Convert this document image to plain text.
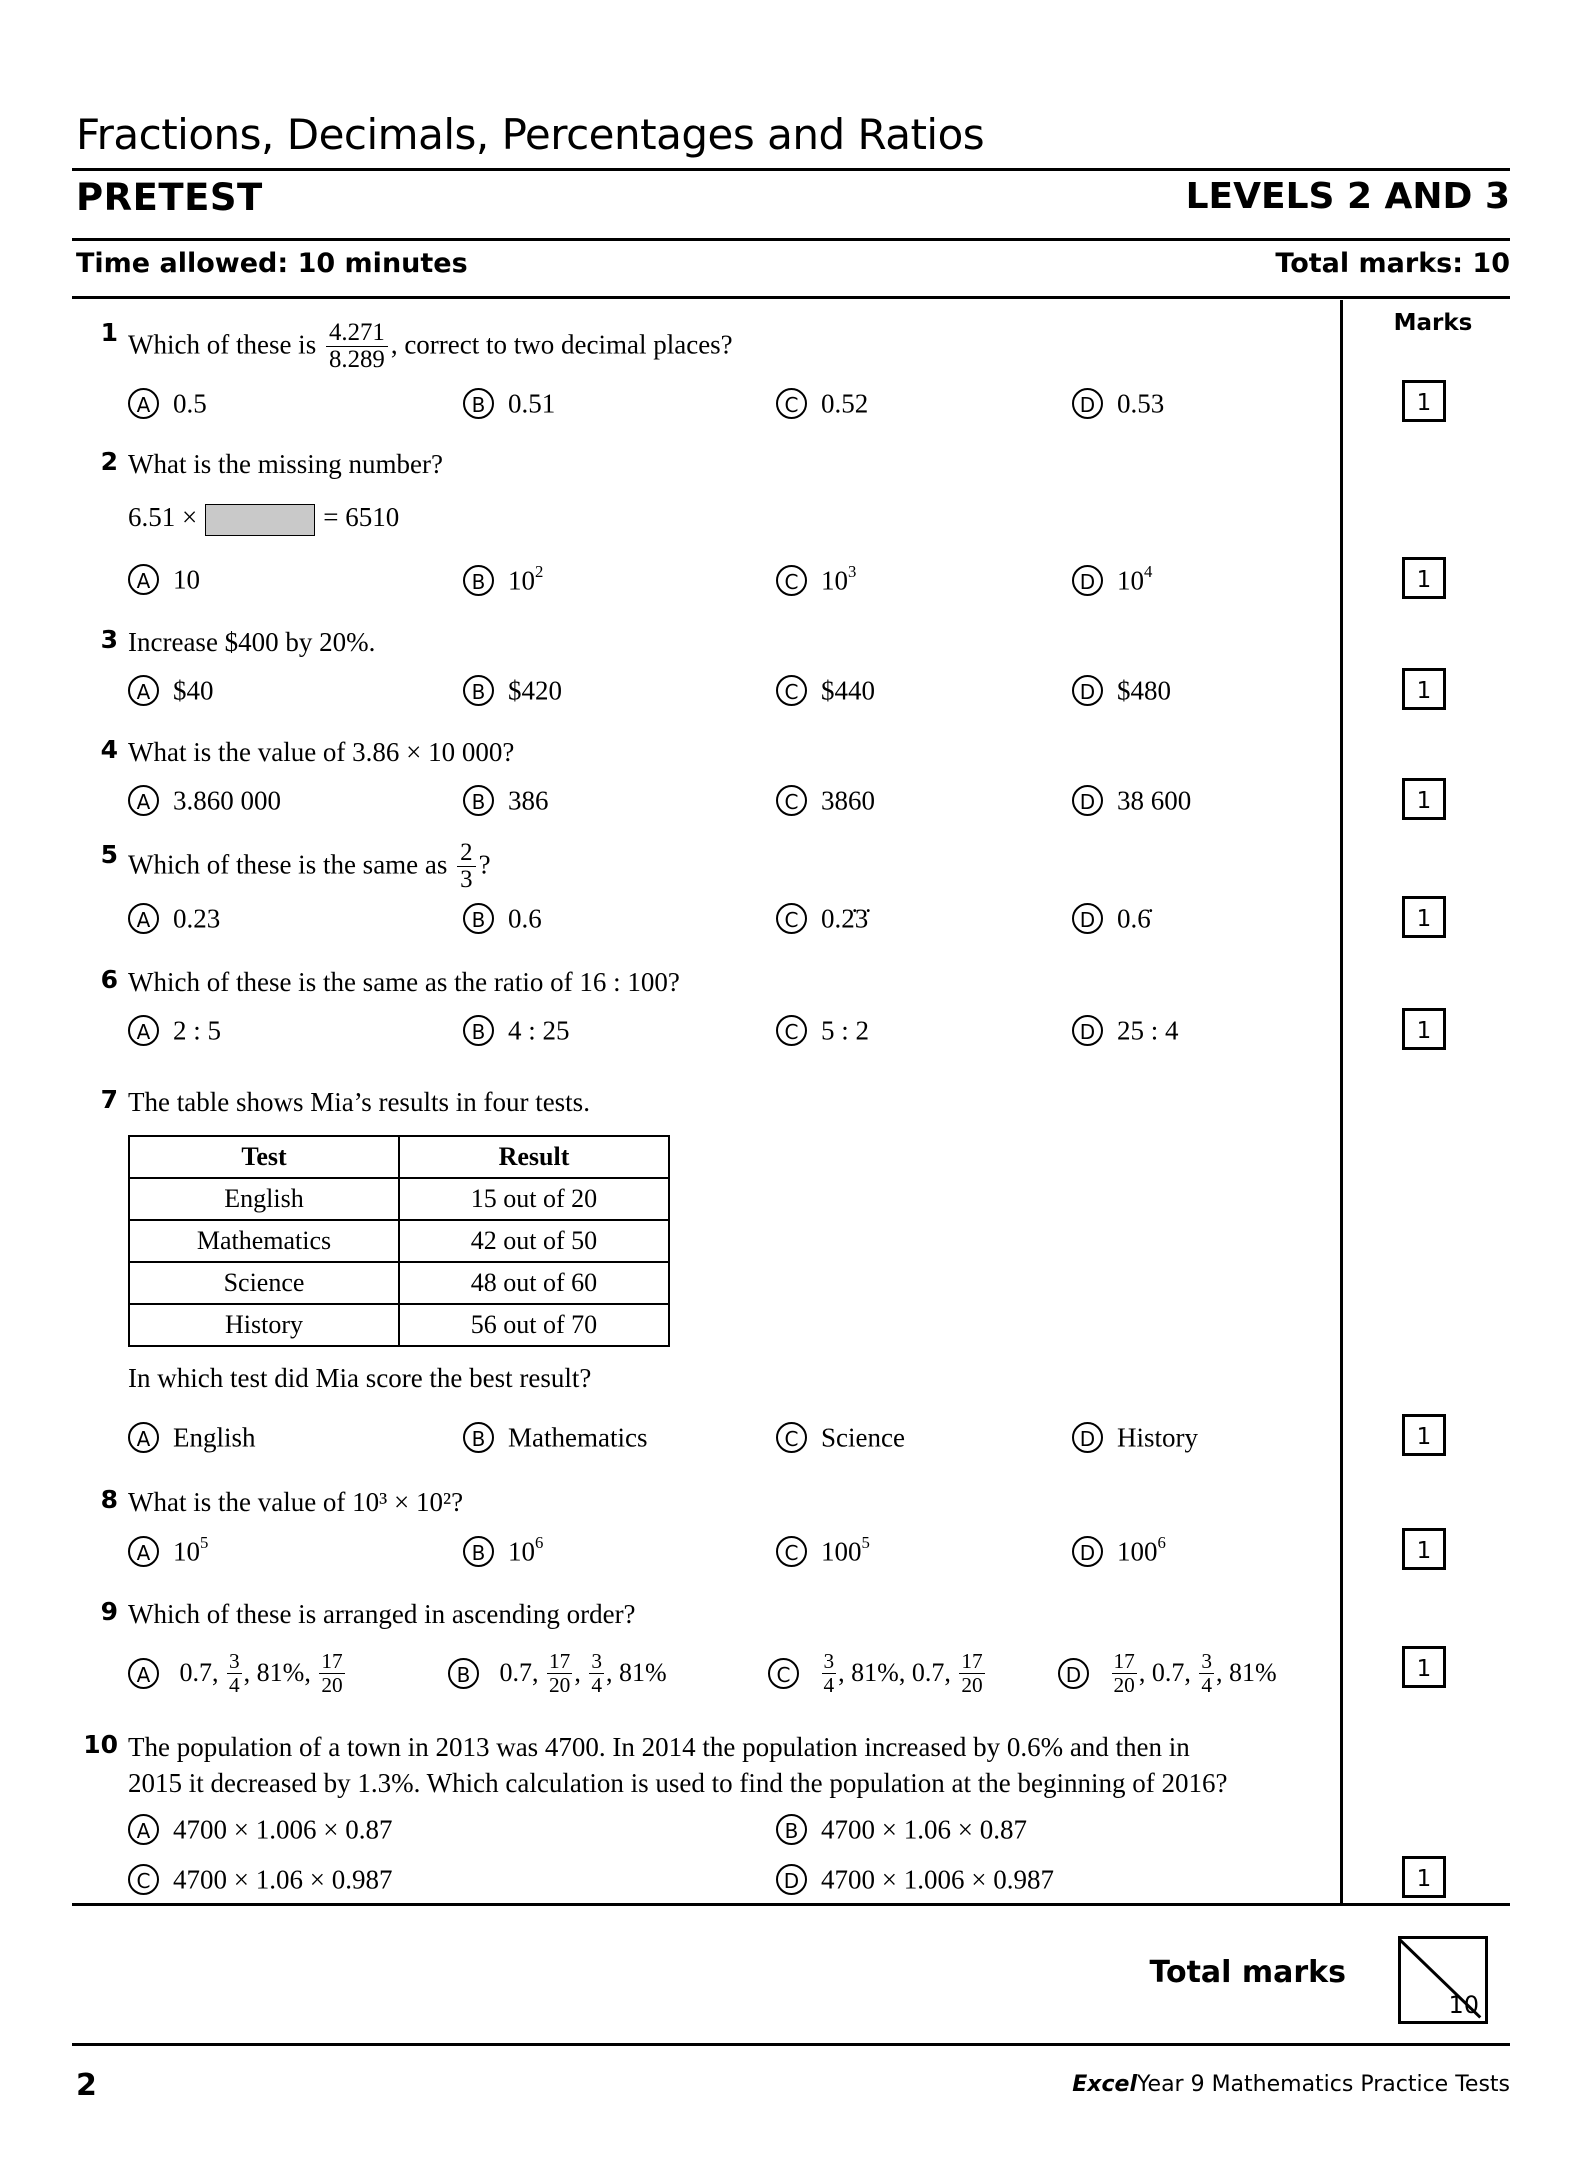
Fractions, Decimals, Percentages and Ratios
PRETEST	LEVELS 2 AND 3
Time allowed: 10 minutes	Total marks: 10
Marks
1 Which of these is $\frac{4.271}{8.289}$ , correct to two decimal places?
A 0.5	B 0.51	C 0.52	D 0.53	1
2 What is the missing number?
6.51 ×	= 6510
A 10	B $10^2$	C $10^3$	D $10^4$	1
3 Increase $400 by 20%.
A $40	B $420	C $440	D $480	1
4 What is the value of 3.86 × 10 000?
A 3.860 000	B 386	C 3860	D 38 600	1
5 Which of these is the same as $\frac{2}{3}$ ?
A 0.23	B 0.6	C 0.2̇3̇	D 0.6̇	1
6 Which of these is the same as the ratio of 16 : 100?
A 2 : 5	B 4 : 25	C 5 : 2	D 25 : 4	1
7 The table shows Mia’s results in four tests.
Test	Result
English	15 out of 20
Mathematics	42 out of 50
Science	48 out of 60
History	56 out of 70
In which test did Mia score the best result?
A English	B Mathematics	C Science	D History	1
8 What is the value of 10³ × 10²?
A $10^5$	B $10^6$	C $100^5$	D $100^6$	1
9 Which of these is arranged in ascending order?
A 0.7, $\frac{3}{4}$ , 81%, $\frac{17}{20}$	B 0.7, $\frac{17}{20}$ , $\frac{3}{4}$ , 81%	C $\frac{3}{4}$ , 81%, 0.7, $\frac{17}{20}$	D $\frac{17}{20}$ , 0.7, $\frac{3}{4}$ , 81%	1
10 The population of a town in 2013 was 4700. In 2014 the population increased by 0.6% and then in
2015 it decreased by 1.3%. Which calculation is used to find the population at the beginning of 2016?
A 4700 × 1.006 × 0.87	B 4700 × 1.06 × 0.87
C 4700 × 1.06 × 0.987	D 4700 × 1.006 × 0.987	1
Total marks
10
2	ExcelYear 9 Mathematics Practice Tests
